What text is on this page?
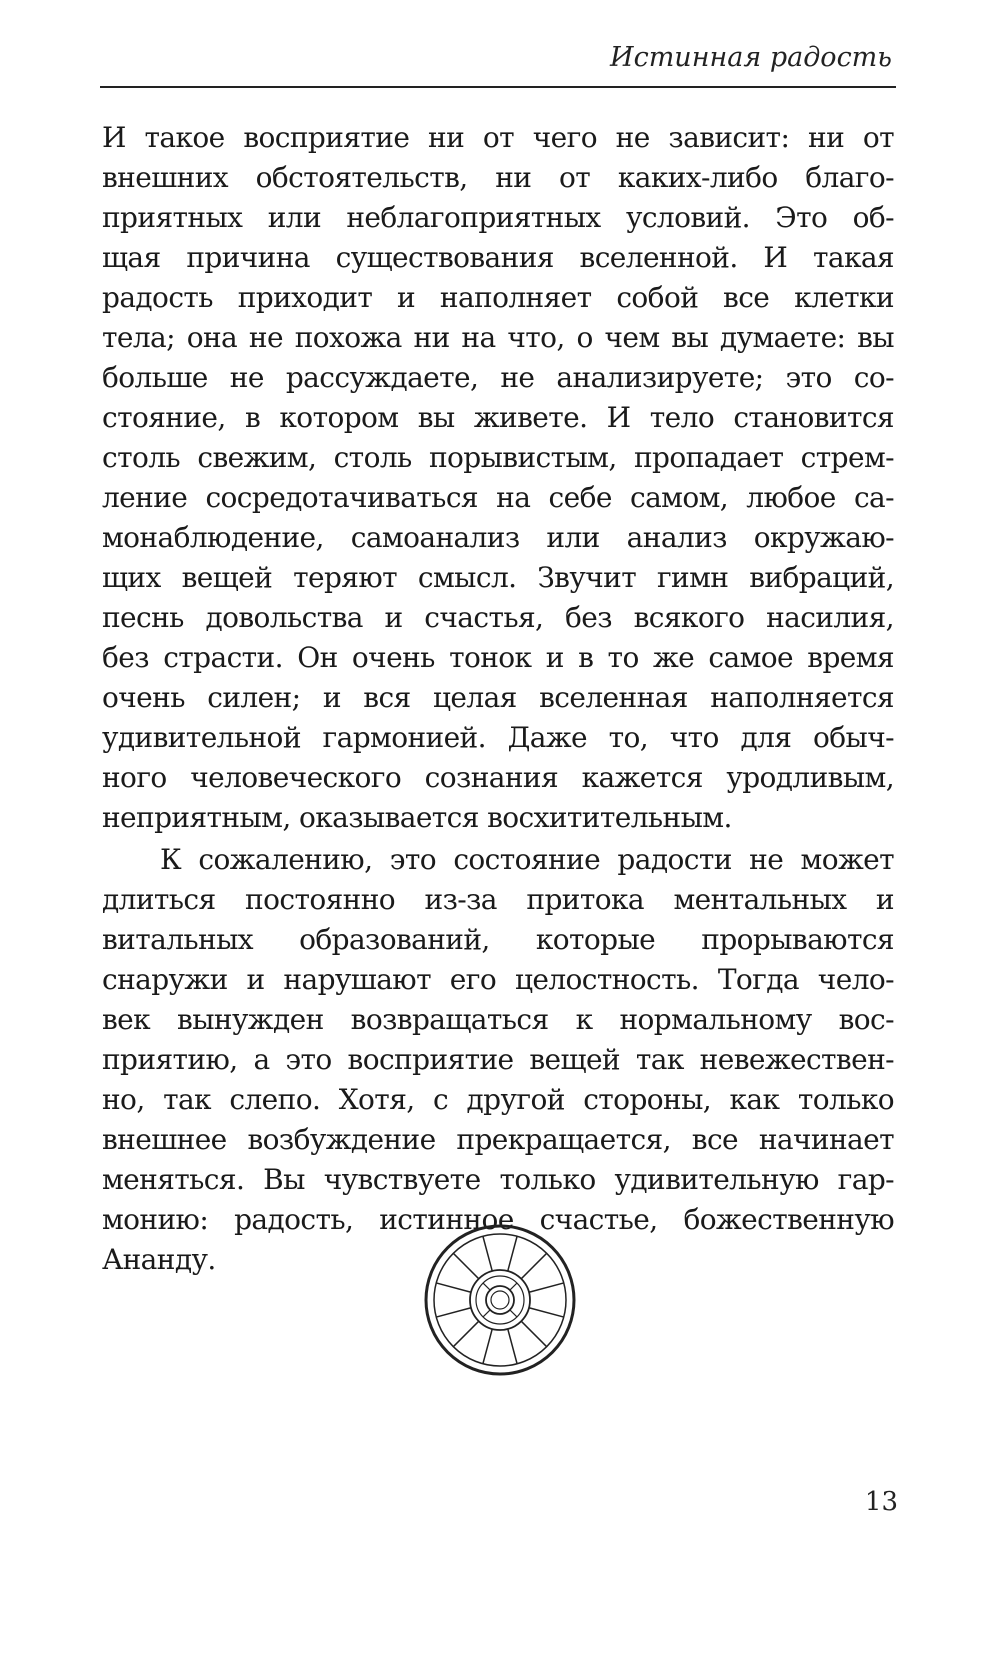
Истинная радость
И такое восприятие ни от чего не зависит: ни от
внешних обстоятельств, ни от каких-либо благо-
приятных или неблагоприятных условий. Это об-
щая причина существования вселенной. И такая
радость приходит и наполняет собой все клетки
тела; она не похожа ни на что, о чем вы думаете: вы
больше не рассуждаете, не анализируете; это со-
стояние, в котором вы живете. И тело становится
столь свежим, столь порывистым, пропадает стрем-
ление сосредотачиваться на себе самом, любое са-
монаблюдение, самоанализ или анализ окружаю-
щих вещей теряют смысл. Звучит гимн вибраций,
песнь довольства и счастья, без всякого насилия,
без страсти. Он очень тонок и в то же самое время
очень силен; и вся целая вселенная наполняется
удивительной гармонией. Даже то, что для обыч-
ного человеческого сознания кажется уродливым,
неприятным, оказывается восхитительным.
К сожалению, это состояние радости не может
длиться постоянно из-за притока ментальных и
витальных образований, которые прорываются
снаружи и нарушают его целостность. Тогда чело-
век вынужден возвращаться к нормальному вос-
приятию, а это восприятие вещей так невежествен-
но, так слепо. Хотя, с другой стороны, как только
внешнее возбуждение прекращается, все начинает
меняться. Вы чувствуете только удивительную гар-
монию: радость, истинное счастье, божественную
Ананду.
13
